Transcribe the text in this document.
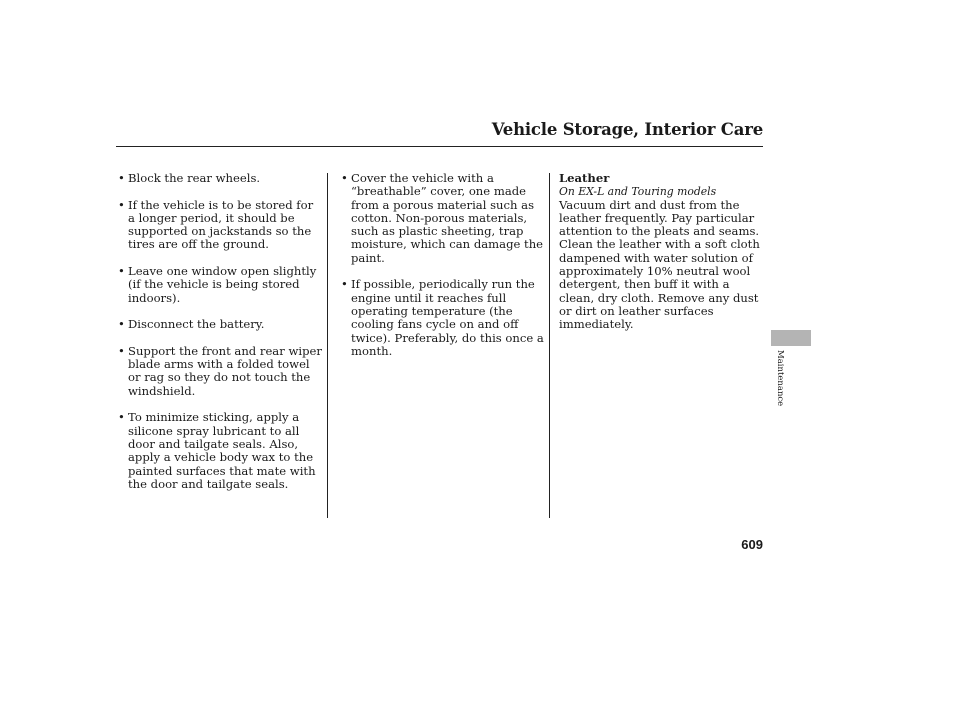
Vehicle Storage, Interior Care
• Block the rear wheels.
• If the vehicle is to be stored for a longer period, it should be supported on jackstands so the tires are off the ground.
• Leave one window open slightly (if the vehicle is being stored indoors).
• Disconnect the battery.
• Support the front and rear wiper blade arms with a folded towel or rag so they do not touch the windshield.
• To minimize sticking, apply a silicone spray lubricant to all door and tailgate seals. Also, apply a vehicle body wax to the painted surfaces that mate with the door and tailgate seals.
• Cover the vehicle with a “breathable” cover, one made from a porous material such as cotton. Non-porous materials, such as plastic sheeting, trap moisture, which can damage the paint.
• If possible, periodically run the engine until it reaches full operating temperature (the cooling fans cycle on and off twice). Preferably, do this once a month.
Leather
On EX-L and Touring models
Vacuum dirt and dust from the leather frequently. Pay particular attention to the pleats and seams. Clean the leather with a soft cloth dampened with water solution of approximately 10% neutral wool detergent, then buff it with a clean, dry cloth. Remove any dust or dirt on leather surfaces immediately.
Maintenance
609
